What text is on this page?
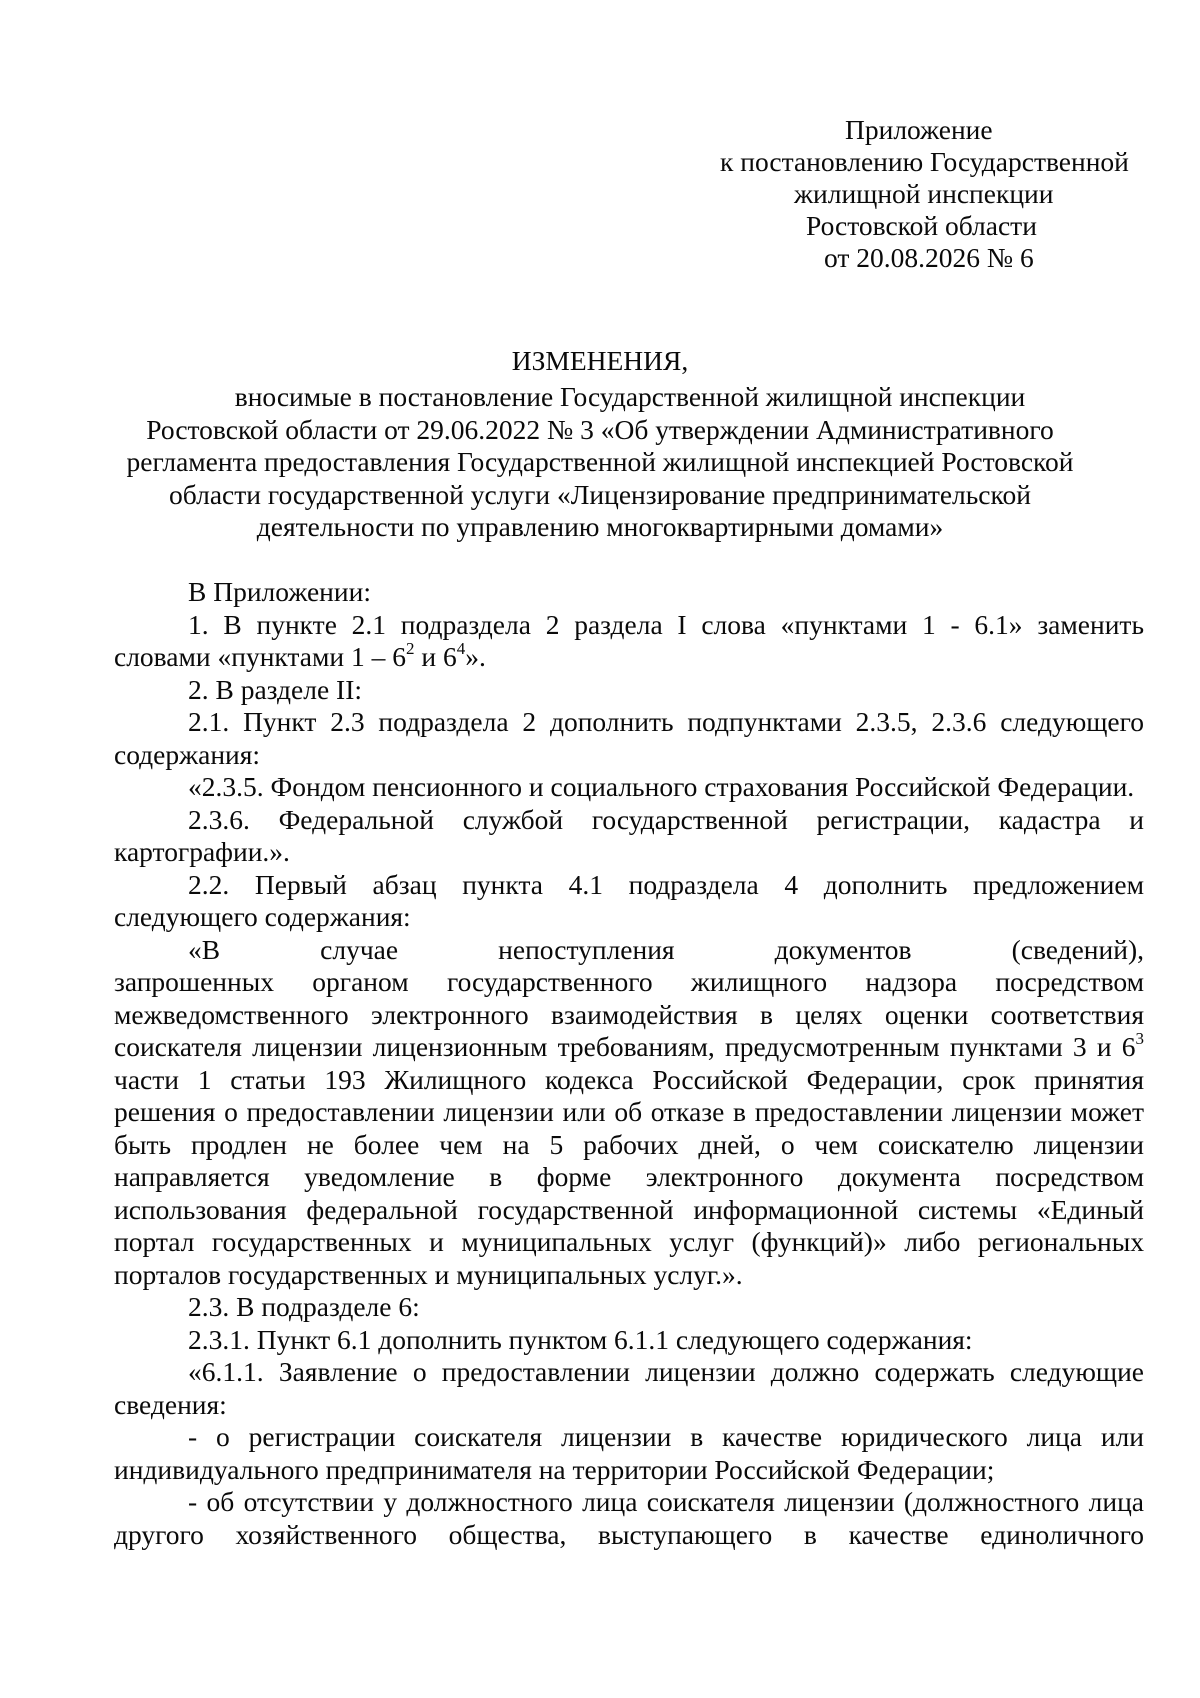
Приложение
к постановлению Государственной
жилищной инспекции
Ростовской области
от 20.08.2026 № 6
ИЗМЕНЕНИЯ,
вносимые в постановление Государственной жилищной инспекции
Ростовской области от 29.06.2022 № 3 «Об утверждении Административного
регламента предоставления Государственной жилищной инспекцией Ростовской
области государственной услуги «Лицензирование предпринимательской
деятельности по управлению многоквартирными домами»

В Приложении:

1. В пункте 2.1 подраздела 2 раздела I слова «пунктами 1 - 6.1» заменить словами «пунктами $1 - 6^2$ и $6^4$».

2. В разделе II:

2.1. Пункт 2.3 подраздела 2 дополнить подпунктами 2.3.5, 2.3.6 следующего содержания:

«2.3.5. Фондом пенсионного и социального страхования Российской Федерации.

2.3.6. Федеральной службой государственной регистрации, кадастра и картографии.».

2.2. Первый абзац пункта 4.1 подраздела 4 дополнить предложением следующего содержания:

«В	случае	непоступления	документов	(сведений),

запрошенных органом государственного жилищного надзора посредством межведомственного электронного взаимодействия в целях оценки соответствия соискателя лицензии лицензионным требованиям, предусмотренным пунктами 3 и $6^3$ части 1 статьи 193 Жилищного кодекса Российской Федерации, срок принятия решения о предоставлении лицензии или об отказе в предоставлении лицензии может быть продлен не более чем на 5 рабочих дней, о чем соискателю лицензии направляется уведомление в форме электронного документа посредством использования федеральной государственной информационной системы «Единый портал государственных и муниципальных услуг (функций)» либо региональных порталов государственных и муниципальных услуг.».

2.3. В подразделе 6:

2.3.1. Пункт 6.1 дополнить пунктом 6.1.1 следующего содержания:

«6.1.1. Заявление о предоставлении лицензии должно содержать следующие сведения:

- о регистрации соискателя лицензии в качестве юридического лица или индивидуального предпринимателя на территории Российской Федерации;

- об отсутствии у должностного лица соискателя лицензии (должностного лица другого хозяйственного общества, выступающего в качестве единоличного
